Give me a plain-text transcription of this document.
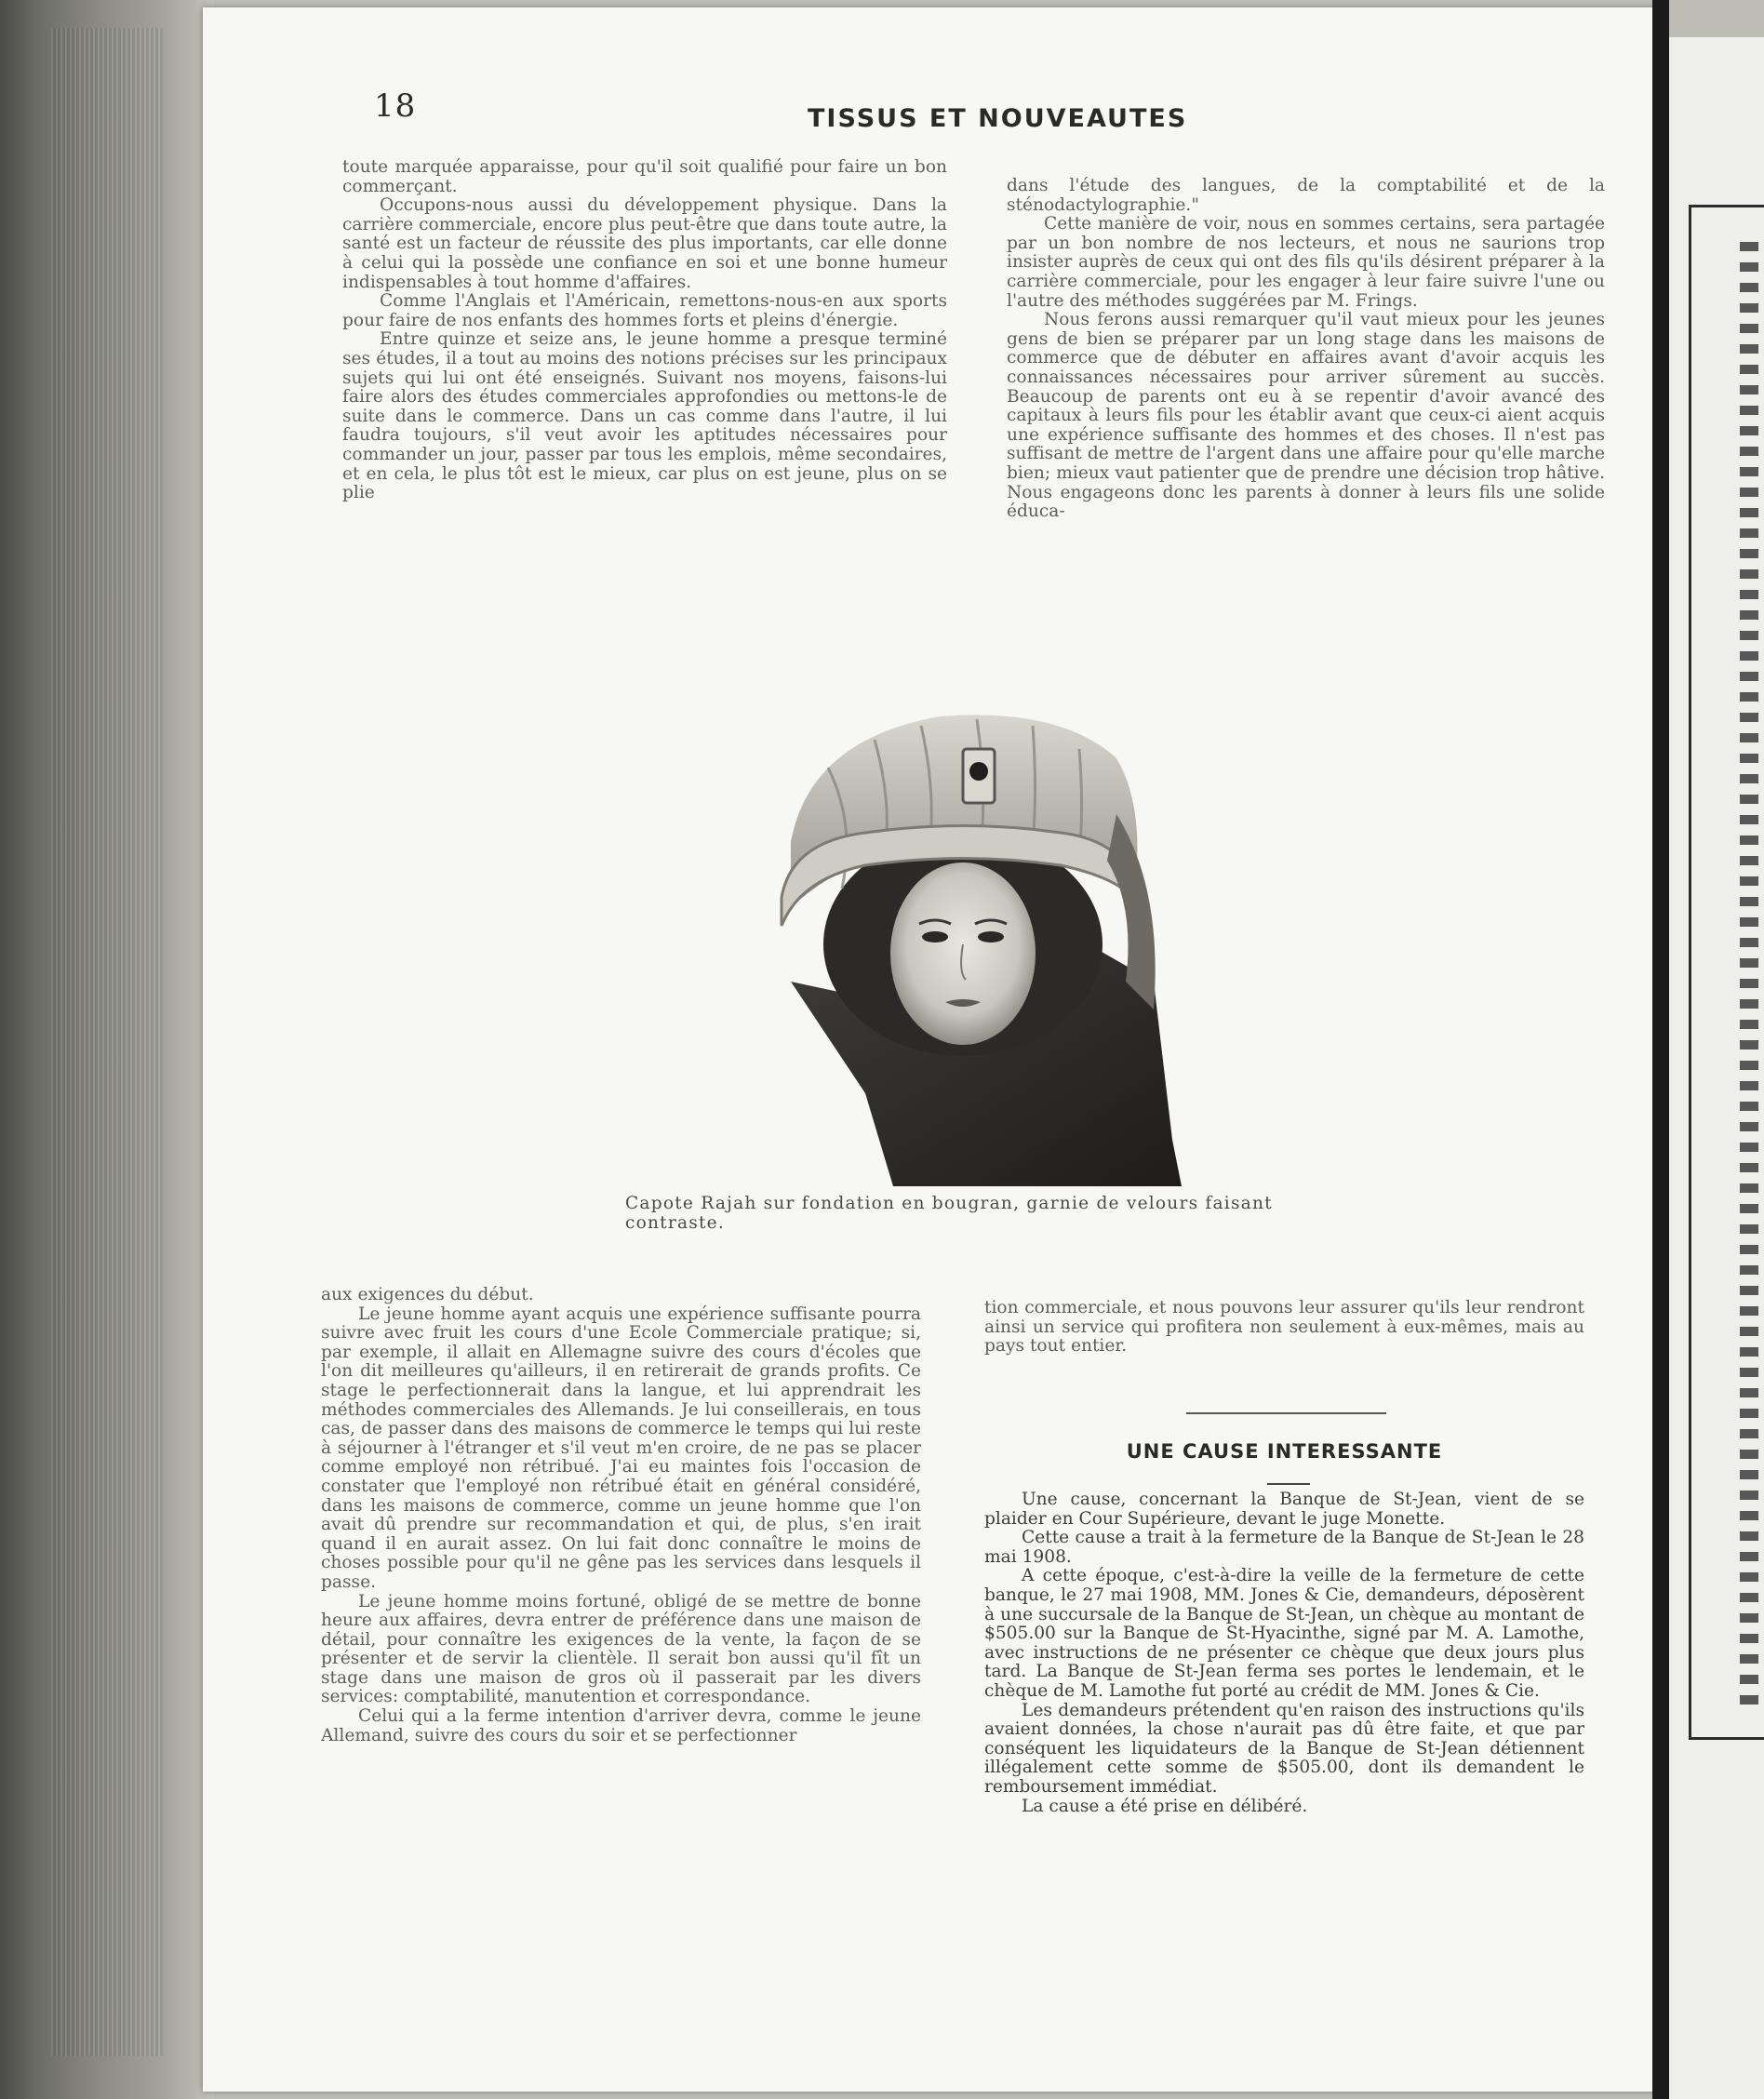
18	TISSUS ET NOUVEAUTES

toute marquée apparaisse, pour qu'il soit qualifié pour faire un bon commerçant.

Occupons-nous aussi du développement physique. Dans la carrière commerciale, encore plus peut-être que dans toute autre, la santé est un facteur de réussite des plus importants, car elle donne à celui qui la possède une confiance en soi et une bonne humeur indispensables à tout homme d'affaires.

Comme l'Anglais et l'Américain, remettons-nous-en aux sports pour faire de nos enfants des hommes forts et pleins d'énergie.

Entre quinze et seize ans, le jeune homme a presque terminé ses études, il a tout au moins des notions précises sur les principaux sujets qui lui ont été enseignés. Suivant nos moyens, faisons-lui faire alors des études commerciales approfondies ou mettons-le de suite dans le commerce. Dans un cas comme dans l'autre, il lui faudra toujours, s'il veut avoir les aptitudes nécessaires pour commander un jour, passer par tous les emplois, même secondaires, et en cela, le plus tôt est le mieux, car plus on est jeune, plus on se plie

dans l'étude des langues, de la comptabilité et de la sténodactylographie."

Cette manière de voir, nous en sommes certains, sera partagée par un bon nombre de nos lecteurs, et nous ne saurions trop insister auprès de ceux qui ont des fils qu'ils désirent préparer à la carrière commerciale, pour les engager à leur faire suivre l'une ou l'autre des méthodes suggérées par M. Frings.

Nous ferons aussi remarquer qu'il vaut mieux pour les jeunes gens de bien se préparer par un long stage dans les maisons de commerce que de débuter en affaires avant d'avoir acquis les connaissances nécessaires pour arriver sûrement au succès. Beaucoup de parents ont eu à se repentir d'avoir avancé des capitaux à leurs fils pour les établir avant que ceux-ci aient acquis une expérience suffisante des hommes et des choses. Il n'est pas suffisant de mettre de l'argent dans une affaire pour qu'elle marche bien; mieux vaut patienter que de prendre une décision trop hâtive. Nous engageons donc les parents à donner à leurs fils une solide éduca-

Capote Rajah sur fondation en bougran, garnie de velours faisant contraste.

aux exigences du début.

Le jeune homme ayant acquis une expérience suffisante pourra suivre avec fruit les cours d'une Ecole Commerciale pratique; si, par exemple, il allait en Allemagne suivre des cours d'écoles que l'on dit meilleures qu'ailleurs, il en retirerait de grands profits. Ce stage le perfectionnerait dans la langue, et lui apprendrait les méthodes commerciales des Allemands. Je lui conseillerais, en tous cas, de passer dans des maisons de commerce le temps qui lui reste à séjourner à l'étranger et s'il veut m'en croire, de ne pas se placer comme employé non rétribué. J'ai eu maintes fois l'occasion de constater que l'employé non rétribué était en général considéré, dans les maisons de commerce, comme un jeune homme que l'on avait dû prendre sur recommandation et qui, de plus, s'en irait quand il en aurait assez. On lui fait donc connaître le moins de choses possible pour qu'il ne gêne pas les services dans lesquels il passe.

Le jeune homme moins fortuné, obligé de se mettre de bonne heure aux affaires, devra entrer de préférence dans une maison de détail, pour connaître les exigences de la vente, la façon de se présenter et de servir la clientèle. Il serait bon aussi qu'il fît un stage dans une maison de gros où il passerait par les divers services: comptabilité, manutention et correspondance.

Celui qui a la ferme intention d'arriver devra, comme le jeune Allemand, suivre des cours du soir et se perfectionner

tion commerciale, et nous pouvons leur assurer qu'ils leur rendront ainsi un service qui profitera non seulement à eux-mêmes, mais au pays tout entier.

UNE CAUSE INTERESSANTE

Une cause, concernant la Banque de St-Jean, vient de se plaider en Cour Supérieure, devant le juge Monette.

Cette cause a trait à la fermeture de la Banque de St-Jean le 28 mai 1908.

A cette époque, c'est-à-dire la veille de la fermeture de cette banque, le 27 mai 1908, MM. Jones & Cie, demandeurs, déposèrent à une succursale de la Banque de St-Jean, un chèque au montant de $505.00 sur la Banque de St-Hyacinthe, signé par M. A. Lamothe, avec instructions de ne présenter ce chèque que deux jours plus tard. La Banque de St-Jean ferma ses portes le lendemain, et le chèque de M. Lamothe fut porté au crédit de MM. Jones & Cie.

Les demandeurs prétendent qu'en raison des instructions qu'ils avaient données, la chose n'aurait pas dû être faite, et que par conséquent les liquidateurs de la Banque de St-Jean détiennent illégalement cette somme de $505.00, dont ils demandent le remboursement immédiat.

La cause a été prise en délibéré.
